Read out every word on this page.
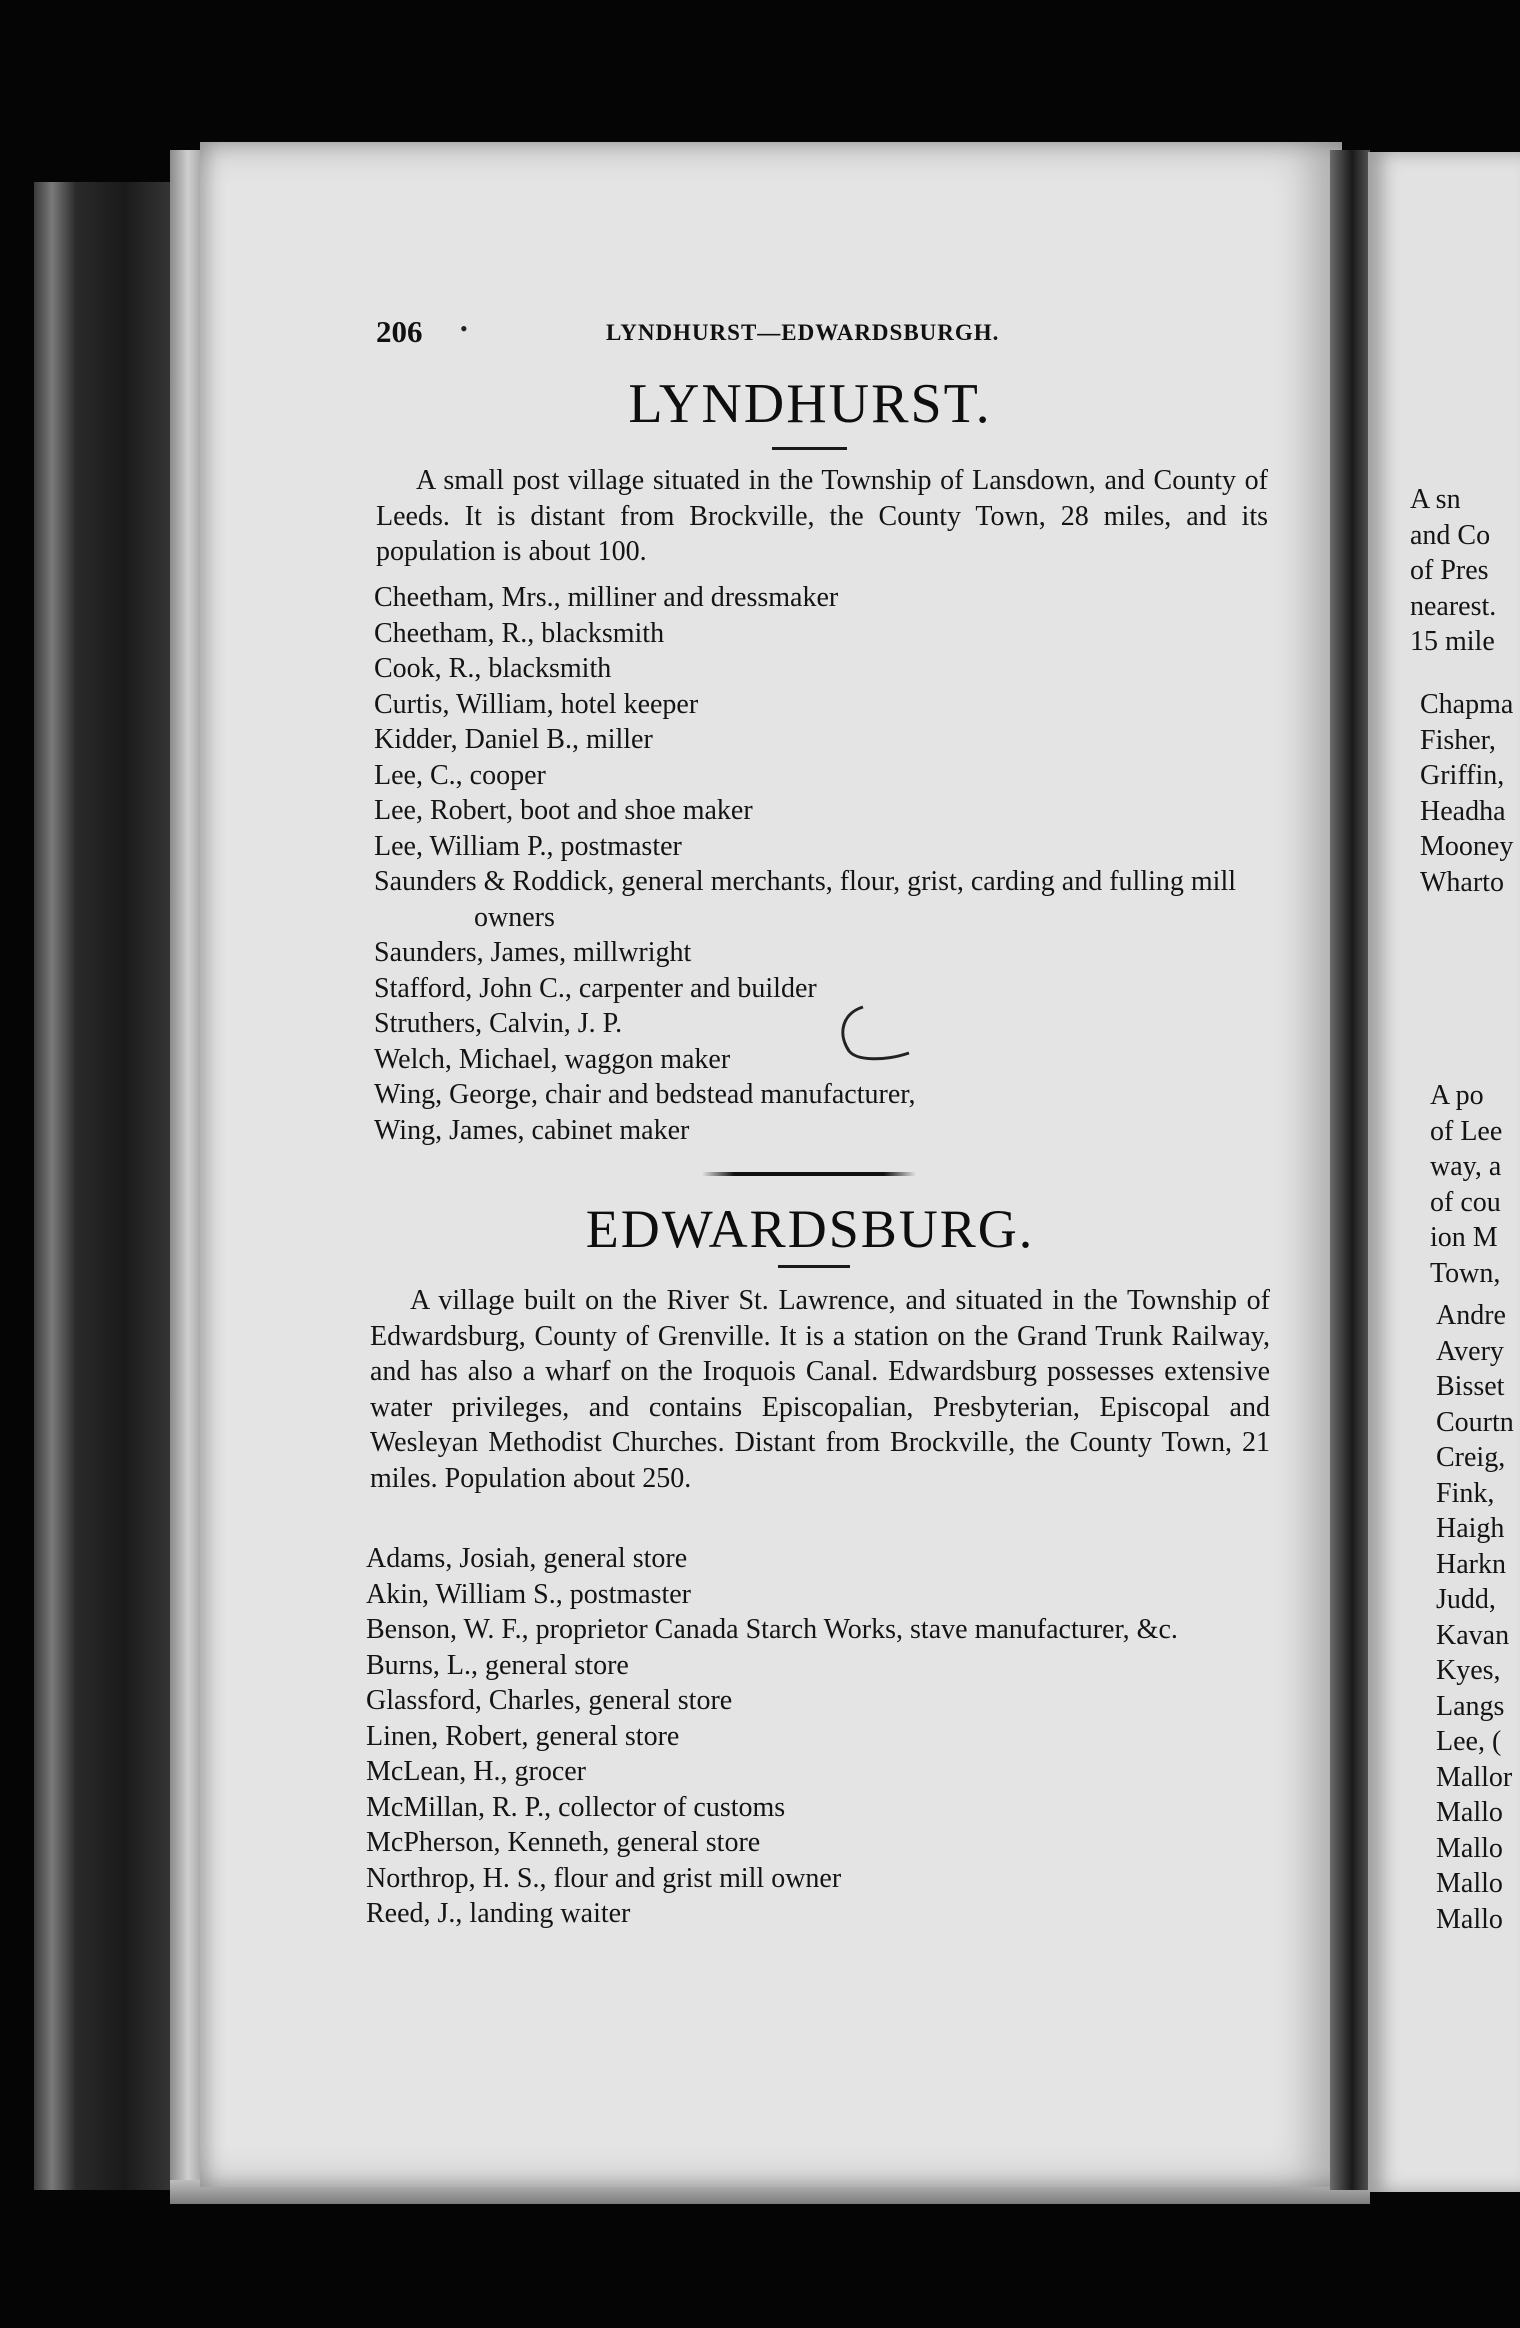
206 •	LYNDHURST—EDWARDSBURGH.
LYNDHURST.

A small post village situated in the Township of Lansdown, and County of Leeds. It is distant from Brockville, the County Town, 28 miles, and its population is about 100.

Cheetham, Mrs., milliner and dressmaker
Cheetham, R., blacksmith
Cook, R., blacksmith
Curtis, William, hotel keeper
Kidder, Daniel B., miller
Lee, C., cooper
Lee, Robert, boot and shoe maker
Lee, William P., postmaster
Saunders & Roddick, general merchants, flour, grist, carding and fulling mill owners
Saunders, James, millwright
Stafford, John C., carpenter and builder
Struthers, Calvin, J. P.
Welch, Michael, waggon maker
Wing, George, chair and bedstead manufacturer,
Wing, James, cabinet maker
EDWARDSBURG.

A village built on the River St. Lawrence, and situated in the Township of Edwardsburg, County of Grenville. It is a station on the Grand Trunk Railway, and has also a wharf on the Iroquois Canal. Edwardsburg possesses extensive water privileges, and contains Episcopalian, Presbyterian, Episcopal and Wesleyan Methodist Churches. Distant from Brockville, the County Town, 21 miles. Population about 250.

Adams, Josiah, general store
Akin, William S., postmaster
Benson, W. F., proprietor Canada Starch Works, stave manufacturer, &c.
Burns, L., general store
Glassford, Charles, general store
Linen, Robert, general store
McLean, H., grocer
McMillan, R. P., collector of customs
McPherson, Kenneth, general store
Northrop, H. S., flour and grist mill owner
Reed, J., landing waiter
A sn
and Co
of Pres
nearest.
15 mile
Chapma
Fisher,
Griffin,
Headha
Mooney
Wharto
A po
of Lee
way, a
of cou
ion M
Town,
Andre
Avery
Bisset
Courtn
Creig,
Fink,
Haigh
Harkn
Judd,
Kavan
Kyes,
Langs
Lee, (
Mallor
Mallo
Mallo
Mallo
Mallo
